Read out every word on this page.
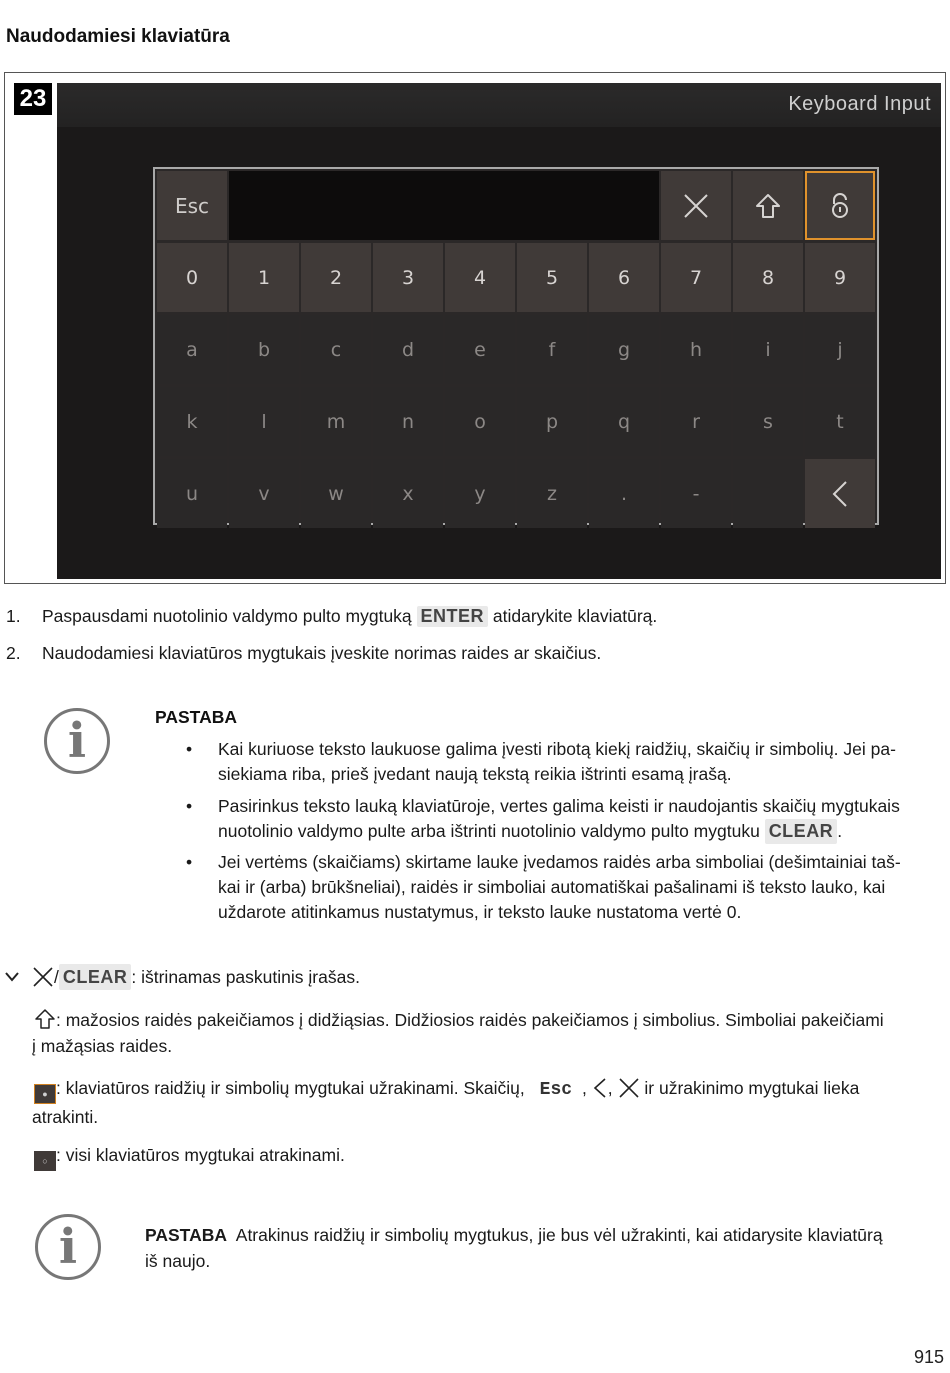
Naudodamiesi klaviatūra
23	Keyboard Input
Esc
0	1	2	3	4	5	6	7	8	9
a	b	c	d	e	f	g	h	i	j
k	l	m	n	o	p	q	r	s	t
u	v	w	x	y	z	.	-
1. Paspausdami nuotolinio valdymo pulto mygtuką ENTER atidarykite klaviatūrą.
2. Naudodamiesi klaviatūros mygtukais įveskite norimas raides ar skaičius.
i	PASTABA
• Kai kuriuose teksto laukuose galima įvesti ribotą kiekį raidžių, skaičių ir simbolių. Jei pa-
siekiama riba, prieš įvedant naują tekstą reikia ištrinti esamą įrašą.
• Pasirinkus teksto lauką klaviatūroje, vertes galima keisti ir naudojantis skaičių mygtukais
nuotolinio valdymo pulte arba ištrinti nuotolinio valdymo pulto mygtuku CLEAR .
• Jei vertėms (skaičiams) skirtame lauke įvedamos raidės arba simboliai (dešimtainiai taš-
kai ir (arba) brūkšneliai), raidės ir simboliai automatiškai pašalinami iš teksto lauko, kai
uždarote atitinkamus nustatymus, ir teksto lauke nustatoma vertė 0.
/ CLEAR : ištrinamas paskutinis įrašas.
: mažosios raidės pakeičiamos į didžiąsias. Didžiosios raidės pakeičiamos į simbolius. Simboliai pakeičiami
į mažąsias raides.
● : klaviatūros raidžių ir simbolių mygtukai užrakinami. Skaičių, Esc , ,  ir užrakinimo mygtukai lieka
atrakinti.
○ : visi klaviatūros mygtukai atrakinami.
i	PASTABA Atrakinus raidžių ir simbolių mygtukus, jie bus vėl užrakinti, kai atidarysite klaviatūrą
iš naujo.
915
